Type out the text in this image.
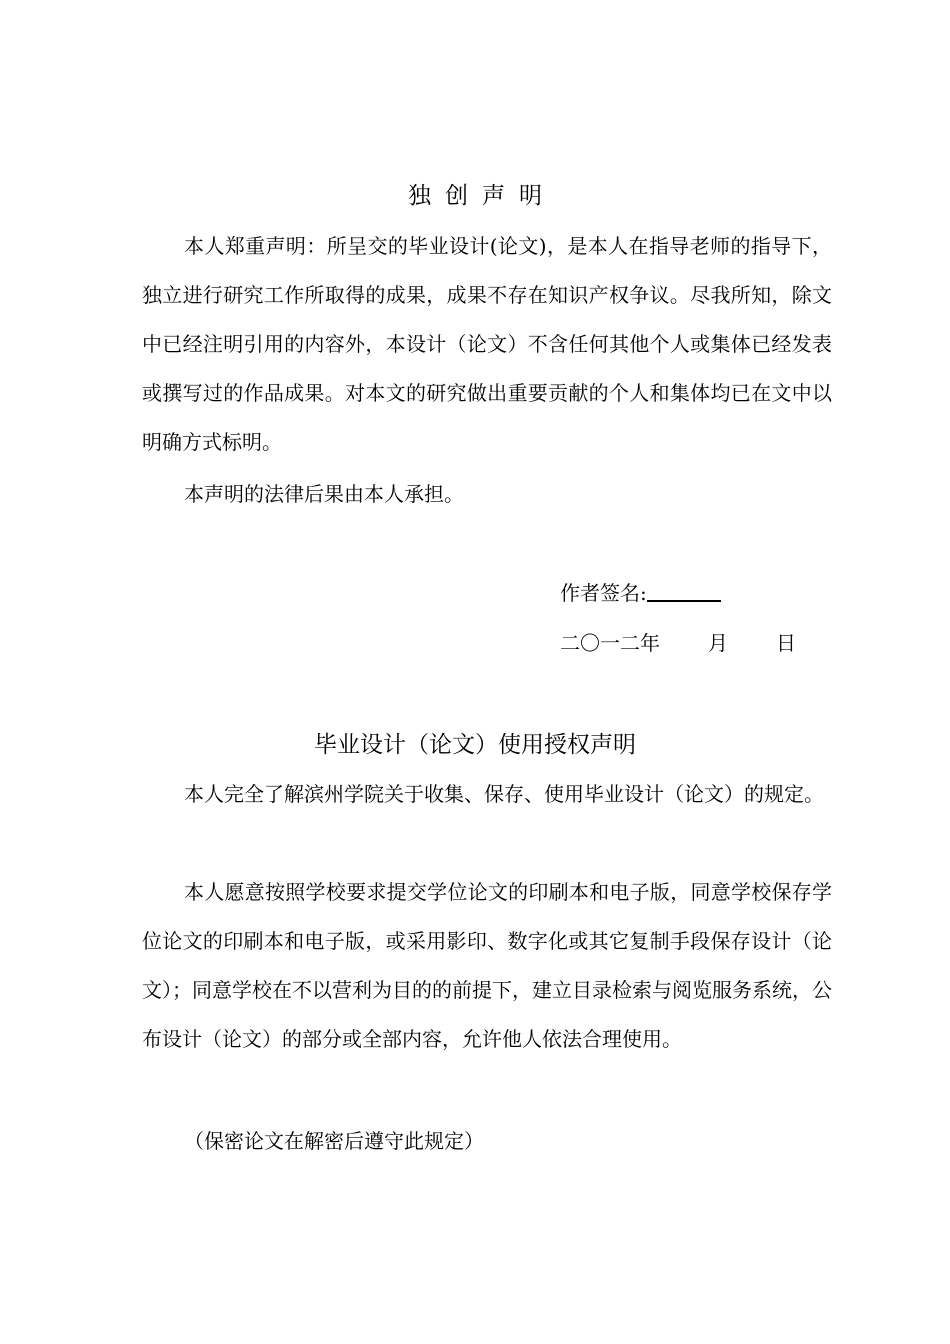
独创声明

本人郑重声明：所呈交的毕业设计(论文)，是本人在指导老师的指导下，独立进行研究工作所取得的成果，成果不存在知识产权争议。尽我所知，除文中已经注明引用的内容外，本设计（论文）不含任何其他个人或集体已经发表或撰写过的作品成果。对本文的研究做出重要贡献的个人和集体均已在文中以明确方式标明。

本声明的法律后果由本人承担。

作者签名:
二〇一二年 月 日
毕业设计（论文）使用授权声明

本人完全了解滨州学院关于收集、保存、使用毕业设计（论文）的规定。

本人愿意按照学校要求提交学位论文的印刷本和电子版，同意学校保存学位论文的印刷本和电子版，或采用影印、数字化或其它复制手段保存设计（论文）；同意学校在不以营利为目的的前提下，建立目录检索与阅览服务系统，公布设计（论文）的部分或全部内容，允许他人依法合理使用。

（保密论文在解密后遵守此规定）
